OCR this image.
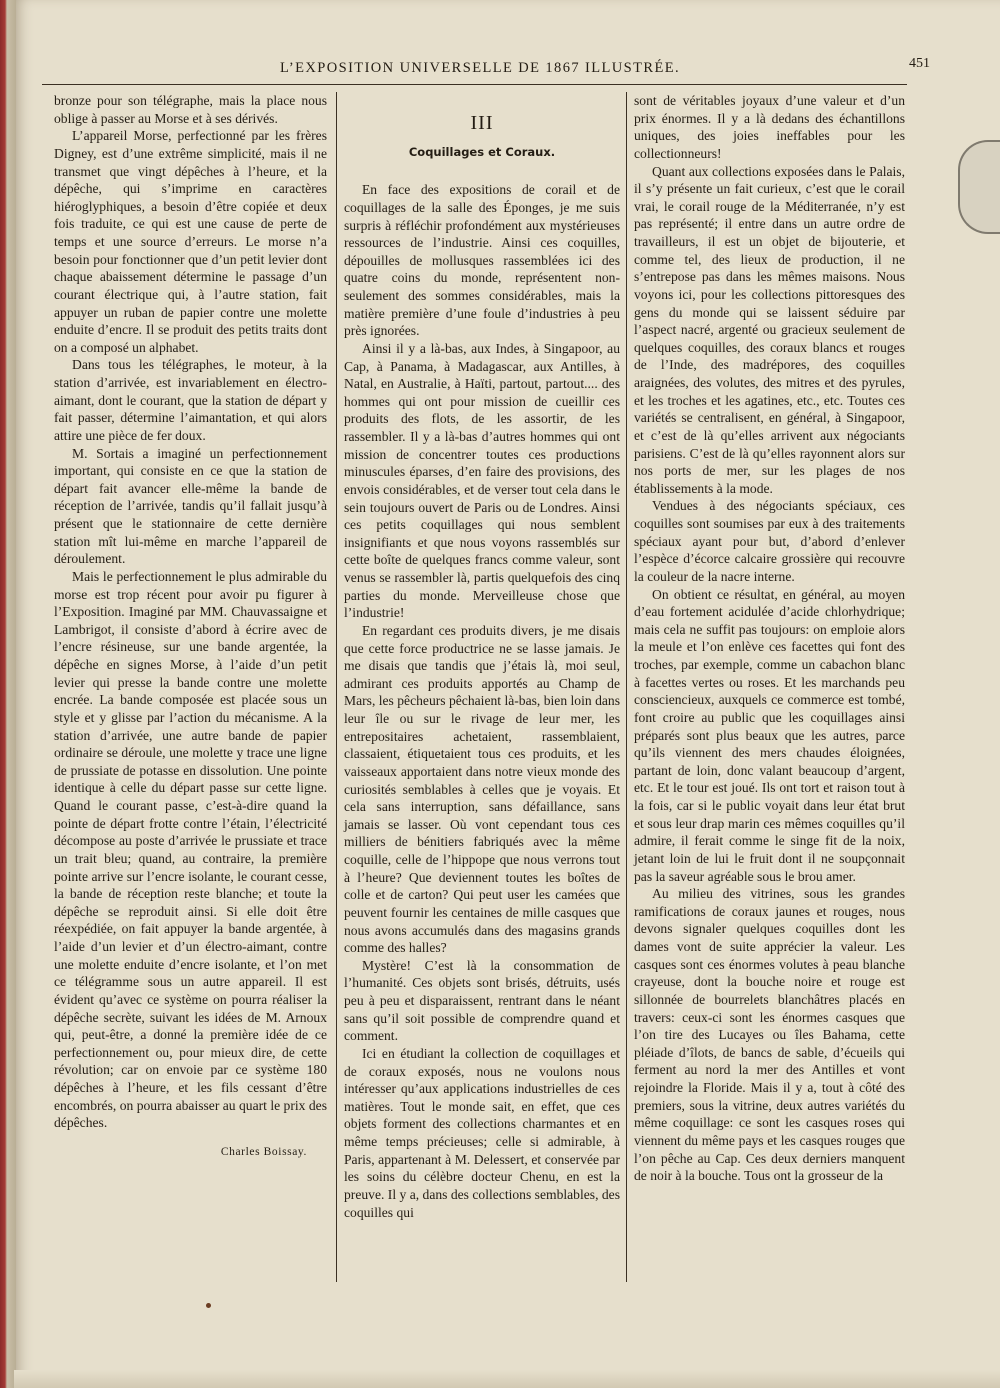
L’EXPOSITION UNIVERSELLE DE 1867 ILLUSTRÉE.	451

bronze pour son télégraphe, mais la place nous oblige à passer au Morse et à ses dérivés.

L’appareil Morse, perfectionné par les frères Digney, est d’une extrême simplicité, mais il ne transmet que vingt dépêches à l’heure, et la dépêche, qui s’imprime en caractères hiéroglyphiques, a besoin d’être copiée et deux fois traduite, ce qui est une cause de perte de temps et une source d’erreurs. Le morse n’a besoin pour fonctionner que d’un petit levier dont chaque abaissement détermine le passage d’un courant électrique qui, à l’autre station, fait appuyer un ruban de papier contre une molette enduite d’encre. Il se produit des petits traits dont on a composé un alphabet.

Dans tous les télégraphes, le moteur, à la station d’arrivée, est invariablement en électro-aimant, dont le courant, que la station de départ y fait passer, détermine l’aimantation, et qui alors attire une pièce de fer doux.

M. Sortais a imaginé un perfectionnement important, qui consiste en ce que la station de départ fait avancer elle-même la bande de réception de l’arrivée, tandis qu’il fallait jusqu’à présent que le stationnaire de cette dernière station mît lui-même en marche l’appareil de déroulement.

Mais le perfectionnement le plus admirable du morse est trop récent pour avoir pu figurer à l’Exposition. Imaginé par MM. Chauvassaigne et Lambrigot, il consiste d’abord à écrire avec de l’encre résineuse, sur une bande argentée, la dépêche en signes Morse, à l’aide d’un petit levier qui presse la bande contre une molette encrée. La bande composée est placée sous un style et y glisse par l’action du mécanisme. A la station d’arrivée, une autre bande de papier ordinaire se déroule, une molette y trace une ligne de prussiate de potasse en dissolution. Une pointe identique à celle du départ passe sur cette ligne. Quand le courant passe, c’est-à-dire quand la pointe de départ frotte contre l’étain, l’électricité décompose au poste d’arrivée le prussiate et trace un trait bleu; quand, au contraire, la première pointe arrive sur l’encre isolante, le courant cesse, la bande de réception reste blanche; et toute la dépêche se reproduit ainsi. Si elle doit être réexpédiée, on fait appuyer la bande argentée, à l’aide d’un levier et d’un électro-aimant, contre une molette enduite d’encre isolante, et l’on met ce télégramme sous un autre appareil. Il est évident qu’avec ce système on pourra réaliser la dépêche secrète, suivant les idées de M. Arnoux qui, peut-être, a donné la première idée de ce perfectionnement ou, pour mieux dire, de cette révolution; car on envoie par ce système 180 dépêches à l’heure, et les fils cessant d’être encombrés, on pourra abaisser au quart le prix des dépêches.

Charles Boissay.
III
Coquillages et Coraux.

En face des expositions de corail et de coquillages de la salle des Éponges, je me suis surpris à réfléchir profondément aux mystérieuses ressources de l’industrie. Ainsi ces coquilles, dépouilles de mollusques rassemblées ici des quatre coins du monde, représentent non-seulement des sommes considérables, mais la matière première d’une foule d’industries à peu près ignorées.

Ainsi il y a là-bas, aux Indes, à Singapoor, au Cap, à Panama, à Madagascar, aux Antilles, à Natal, en Australie, à Haïti, partout, partout.... des hommes qui ont pour mission de cueillir ces produits des flots, de les assortir, de les rassembler. Il y a là-bas d’autres hommes qui ont mission de concentrer toutes ces productions minuscules éparses, d’en faire des provisions, des envois considérables, et de verser tout cela dans le sein toujours ouvert de Paris ou de Londres. Ainsi ces petits coquillages qui nous semblent insignifiants et que nous voyons rassemblés sur cette boîte de quelques francs comme valeur, sont venus se rassembler là, partis quelquefois des cinq parties du monde. Merveilleuse chose que l’industrie!

En regardant ces produits divers, je me disais que cette force productrice ne se lasse jamais. Je me disais que tandis que j’étais là, moi seul, admirant ces produits apportés au Champ de Mars, les pêcheurs pêchaient là-bas, bien loin dans leur île ou sur le rivage de leur mer, les entrepositaires achetaient, rassemblaient, classaient, étiquetaient tous ces produits, et les vaisseaux apportaient dans notre vieux monde des curiosités semblables à celles que je voyais. Et cela sans interruption, sans défaillance, sans jamais se lasser. Où vont cependant tous ces milliers de bénitiers fabriqués avec la même coquille, celle de l’hippope que nous verrons tout à l’heure? Que deviennent toutes les boîtes de colle et de carton? Qui peut user les camées que peuvent fournir les centaines de mille casques que nous avons accumulés dans des magasins grands comme des halles?

Mystère! C’est là la consommation de l’humanité. Ces objets sont brisés, détruits, usés peu à peu et disparaissent, rentrant dans le néant sans qu’il soit possible de comprendre quand et comment.

Ici en étudiant la collection de coquillages et de coraux exposés, nous ne voulons nous intéresser qu’aux applications industrielles de ces matières. Tout le monde sait, en effet, que ces objets forment des collections charmantes et en même temps précieuses; celle si admirable, à Paris, appartenant à M. Delessert, et conservée par les soins du célèbre docteur Chenu, en est la preuve. Il y a, dans des collections semblables, des coquilles qui

sont de véritables joyaux d’une valeur et d’un prix énormes. Il y a là dedans des échantillons uniques, des joies ineffables pour les collectionneurs!

Quant aux collections exposées dans le Palais, il s’y présente un fait curieux, c’est que le corail vrai, le corail rouge de la Méditerranée, n’y est pas représenté; il entre dans un autre ordre de travailleurs, il est un objet de bijouterie, et comme tel, des lieux de production, il ne s’entrepose pas dans les mêmes maisons. Nous voyons ici, pour les collections pittoresques des gens du monde qui se laissent séduire par l’aspect nacré, argenté ou gracieux seulement de quelques coquilles, des coraux blancs et rouges de l’Inde, des madrépores, des coquilles araignées, des volutes, des mitres et des pyrules, et les troches et les agatines, etc., etc. Toutes ces variétés se centralisent, en général, à Singapoor, et c’est de là qu’elles arrivent aux négociants parisiens. C’est de là qu’elles rayonnent alors sur nos ports de mer, sur les plages de nos établissements à la mode.

Vendues à des négociants spéciaux, ces coquilles sont soumises par eux à des traitements spéciaux ayant pour but, d’abord d’enlever l’espèce d’écorce calcaire grossière qui recouvre la couleur de la nacre interne.

On obtient ce résultat, en général, au moyen d’eau fortement acidulée d’acide chlorhydrique; mais cela ne suffit pas toujours: on emploie alors la meule et l’on enlève ces facettes qui font des troches, par exemple, comme un cabachon blanc à facettes vertes ou roses. Et les marchands peu consciencieux, auxquels ce commerce est tombé, font croire au public que les coquillages ainsi préparés sont plus beaux que les autres, parce qu’ils viennent des mers chaudes éloignées, partant de loin, donc valant beaucoup d’argent, etc. Et le tour est joué. Ils ont tort et raison tout à la fois, car si le public voyait dans leur état brut et sous leur drap marin ces mêmes coquilles qu’il admire, il ferait comme le singe fit de la noix, jetant loin de lui le fruit dont il ne soupçonnait pas la saveur agréable sous le brou amer.

Au milieu des vitrines, sous les grandes ramifications de coraux jaunes et rouges, nous devons signaler quelques coquilles dont les dames vont de suite apprécier la valeur. Les casques sont ces énormes volutes à peau blanche crayeuse, dont la bouche noire et rouge est sillonnée de bourrelets blanchâtres placés en travers: ceux-ci sont les énormes casques que l’on tire des Lucayes ou îles Bahama, cette pléiade d’îlots, de bancs de sable, d’écueils qui ferment au nord la mer des Antilles et vont rejoindre la Floride. Mais il y a, tout à côté des premiers, sous la vitrine, deux autres variétés du même coquillage: ce sont les casques roses qui viennent du même pays et les casques rouges que l’on pêche au Cap. Ces deux derniers manquent de noir à la bouche. Tous ont la grosseur de la
